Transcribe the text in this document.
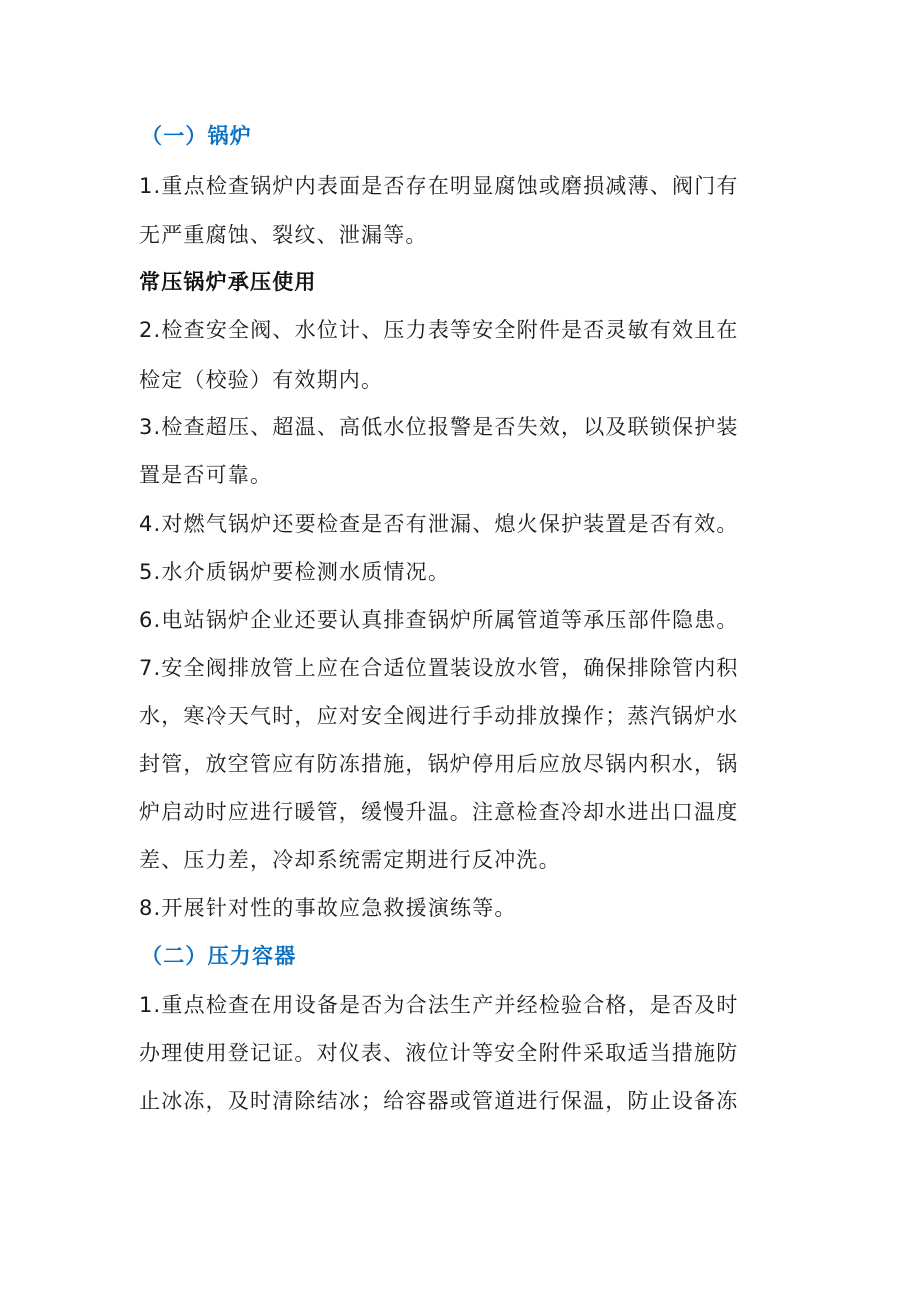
（一）锅炉
1.重点检查锅炉内表面是否存在明显腐蚀或磨损减薄、阀门有
无严重腐蚀、裂纹、泄漏等。
常压锅炉承压使用
2.检查安全阀、水位计、压力表等安全附件是否灵敏有效且在
检定（校验）有效期内。
3.检查超压、超温、高低水位报警是否失效，以及联锁保护装
置是否可靠。
4.对燃气锅炉还要检查是否有泄漏、熄火保护装置是否有效。
5.水介质锅炉要检测水质情况。
6.电站锅炉企业还要认真排查锅炉所属管道等承压部件隐患。
7.安全阀排放管上应在合适位置装设放水管，确保排除管内积
水，寒冷天气时，应对安全阀进行手动排放操作；蒸汽锅炉水
封管，放空管应有防冻措施，锅炉停用后应放尽锅内积水，锅
炉启动时应进行暖管，缓慢升温。注意检查冷却水进出口温度
差、压力差，冷却系统需定期进行反冲洗。
8.开展针对性的事故应急救援演练等。
（二）压力容器
1.重点检查在用设备是否为合法生产并经检验合格，是否及时
办理使用登记证。对仪表、液位计等安全附件采取适当措施防
止冰冻，及时清除结冰；给容器或管道进行保温，防止设备冻
